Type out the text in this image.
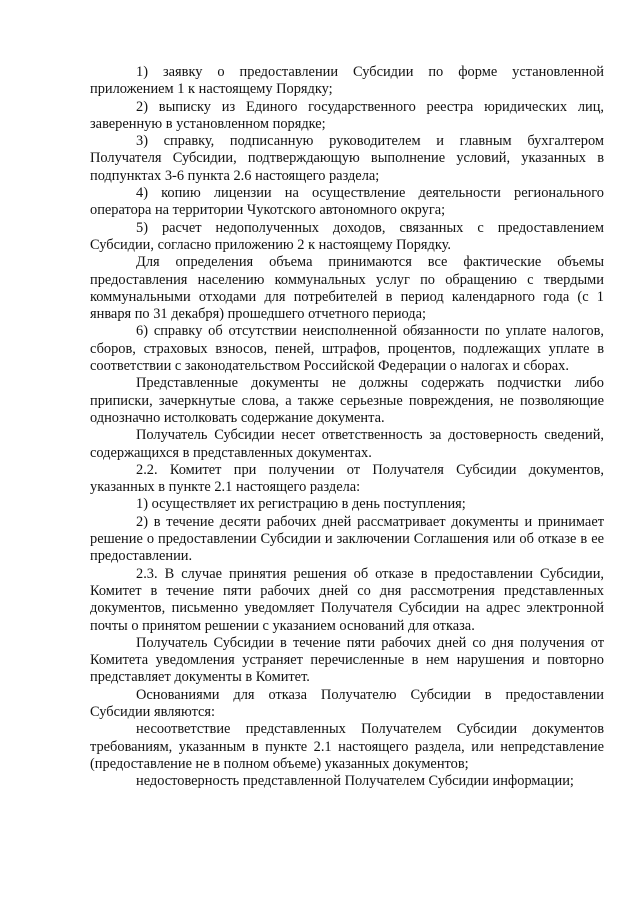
1) заявку о предоставлении Субсидии по форме установленной приложением 1 к настоящему Порядку;

2) выписку из Единого государственного реестра юридических лиц, заверенную в установленном порядке;

3) справку, подписанную руководителем и главным бухгалтером Получателя Субсидии, подтверждающую выполнение условий, указанных в подпунктах 3-6 пункта 2.6 настоящего раздела;

4) копию лицензии на осуществление деятельности регионального оператора на территории Чукотского автономного округа;

5) расчет недополученных доходов, связанных с предоставлением Субсидии, согласно приложению 2 к настоящему Порядку.

Для определения объема принимаются все фактические объемы предоставления населению коммунальных услуг по обращению с твердыми коммунальными отходами для потребителей в период календарного года (с 1 января по 31 декабря) прошедшего отчетного периода;

6) справку об отсутствии неисполненной обязанности по уплате налогов, сборов, страховых взносов, пеней, штрафов, процентов, подлежащих уплате в соответствии с законодательством Российской Федерации о налогах и сборах.

Представленные документы не должны содержать подчистки либо приписки, зачеркнутые слова, а также серьезные повреждения, не позволяющие однозначно истолковать содержание документа.

Получатель Субсидии несет ответственность за достоверность сведений, содержащихся в представленных документах.

2.2. Комитет при получении от Получателя Субсидии документов, указанных в пункте 2.1 настоящего раздела:

1) осуществляет их регистрацию в день поступления;

2) в течение десяти рабочих дней рассматривает документы и принимает решение о предоставлении Субсидии и заключении Соглашения или об отказе в ее предоставлении.

2.3. В случае принятия решения об отказе в предоставлении Субсидии, Комитет в течение пяти рабочих дней со дня рассмотрения представленных документов, письменно уведомляет Получателя Субсидии на адрес электронной почты о принятом решении с указанием оснований для отказа.

Получатель Субсидии в течение пяти рабочих дней со дня получения от Комитета уведомления устраняет перечисленные в нем нарушения и повторно представляет документы в Комитет.

Основаниями для отказа Получателю Субсидии в предоставлении Субсидии являются:

несоответствие представленных Получателем Субсидии документов требованиям, указанным в пункте 2.1 настоящего раздела, или непредставление (предоставление не в полном объеме) указанных документов;

недостоверность представленной Получателем Субсидии информации;
